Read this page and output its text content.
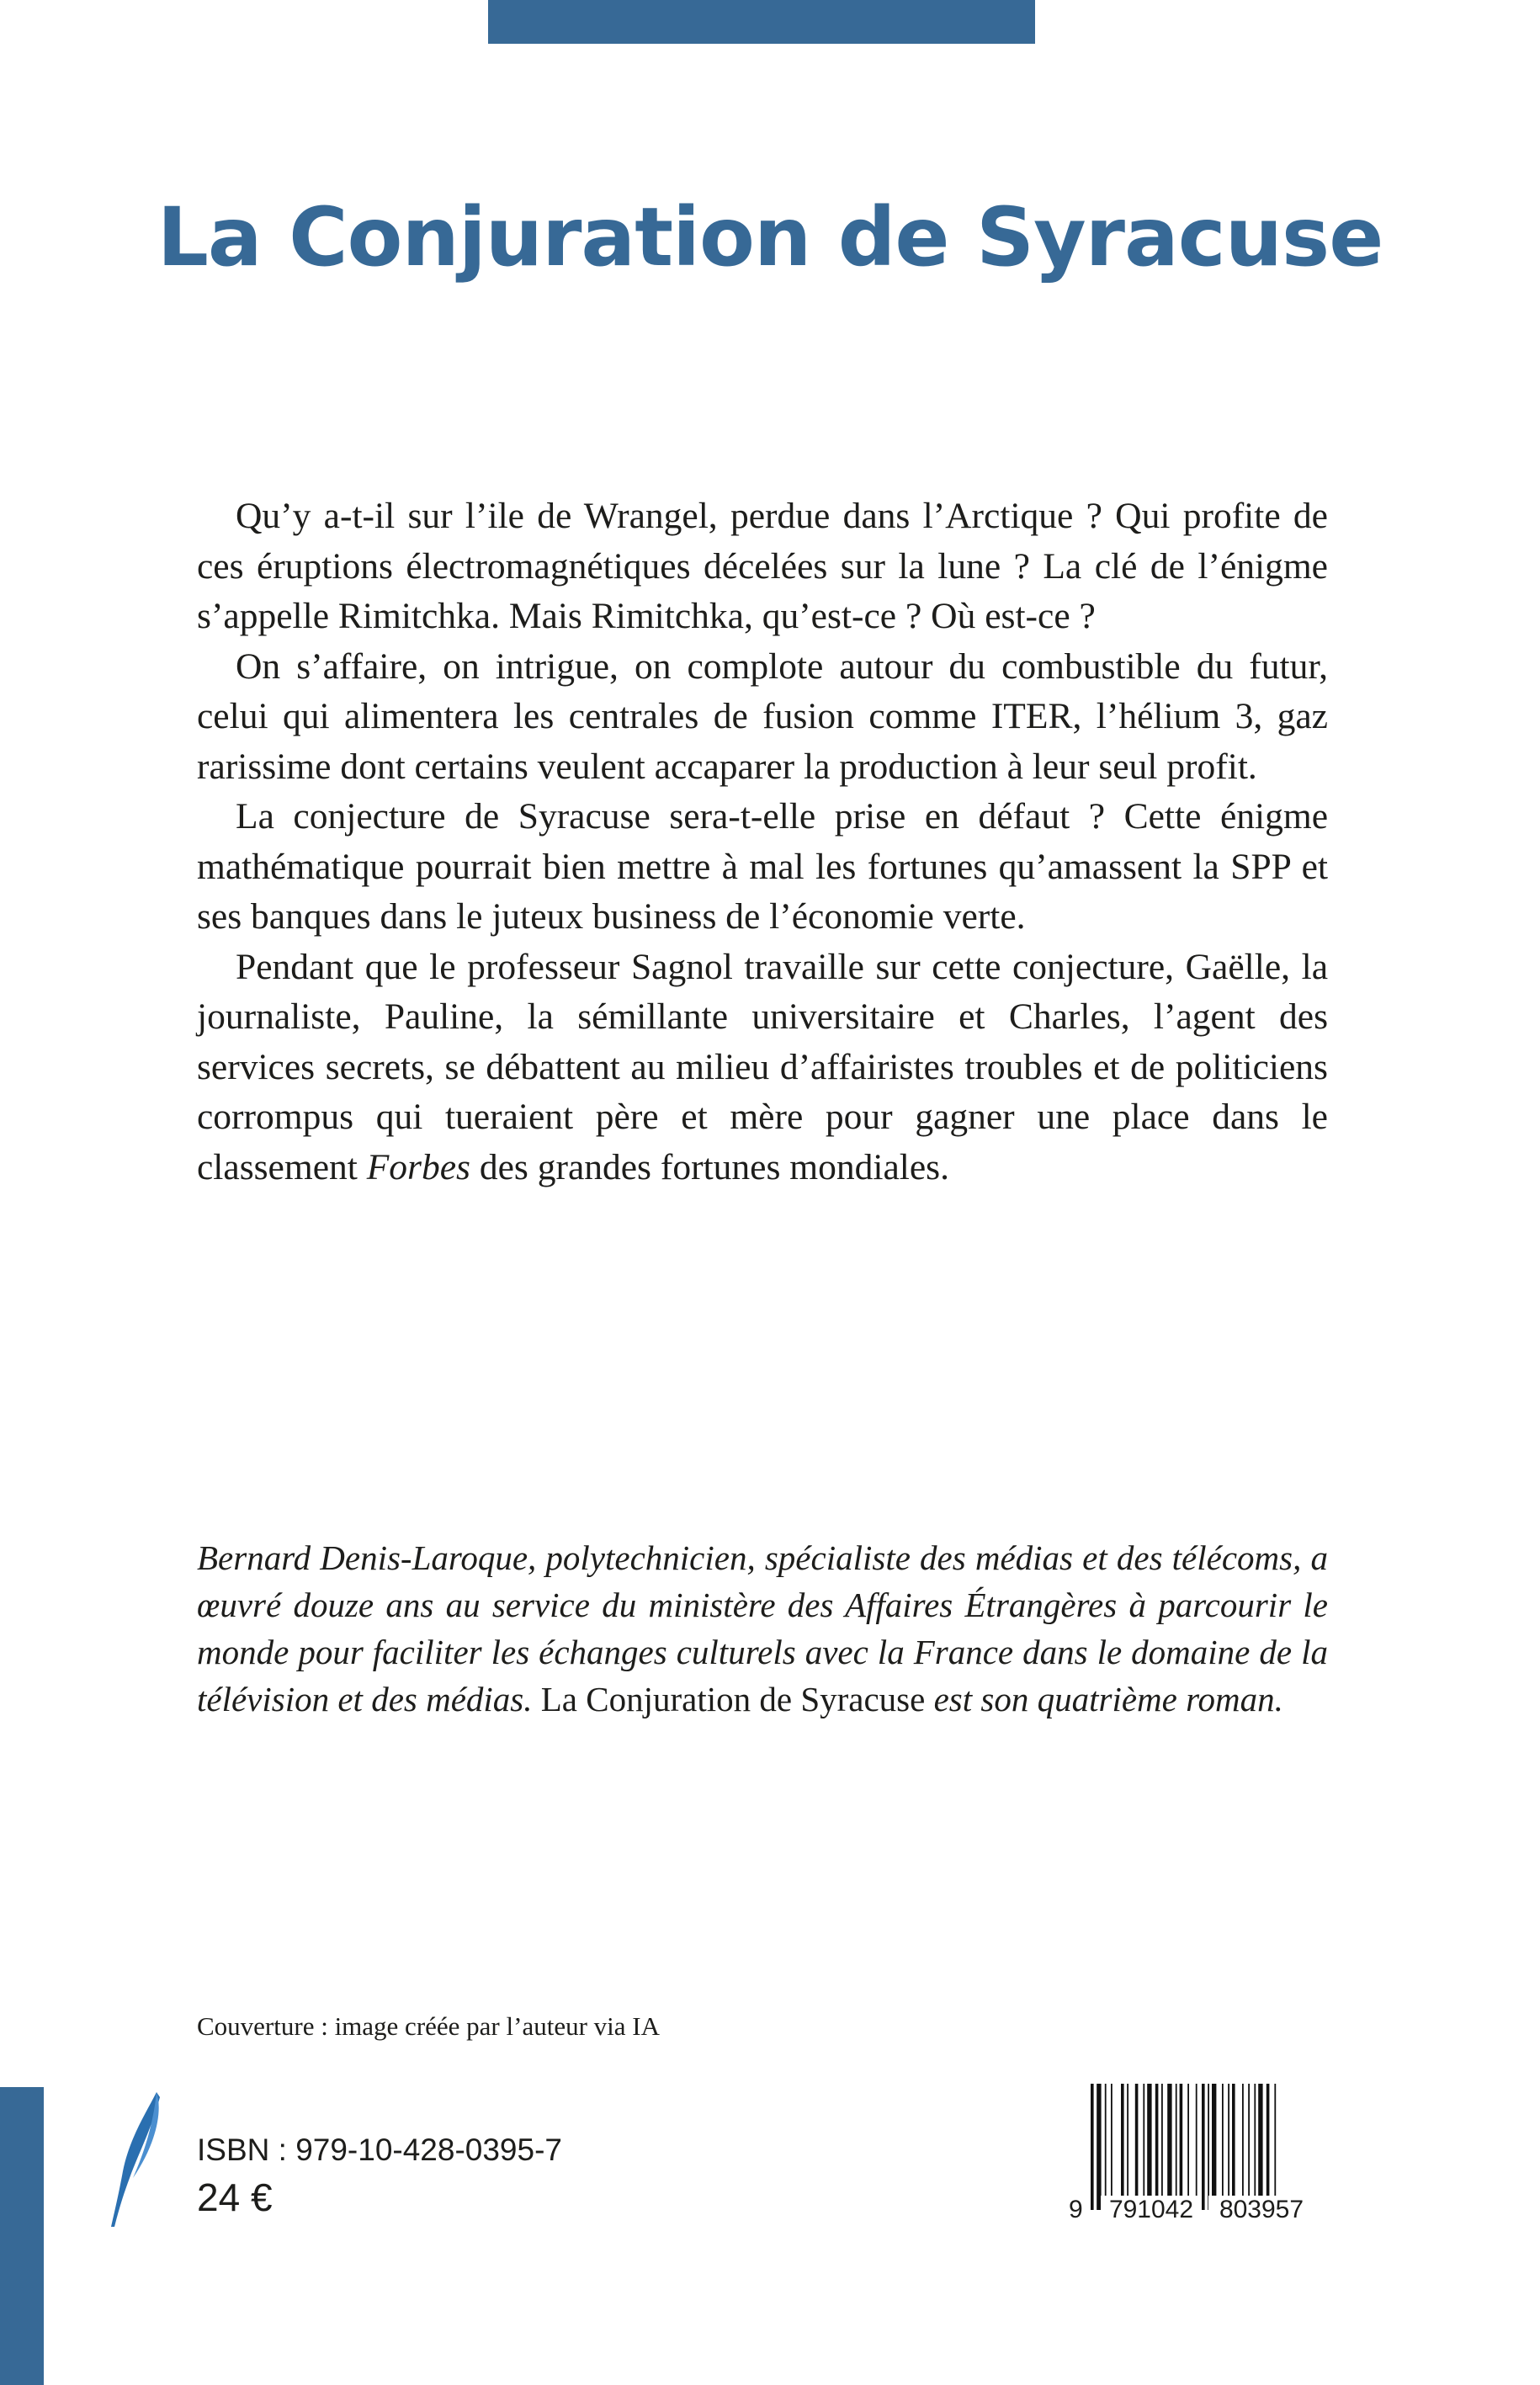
La Conjuration de Syracuse

Qu’y a-t-il sur l’ile de Wrangel, perdue dans l’Arctique ? Qui profite de ces éruptions électromagnétiques décelées sur la lune ? La clé de l’énigme s’appelle Rimitchka. Mais Rimitchka, qu’est-ce ? Où est-ce ?

On s’affaire, on intrigue, on complote autour du combustible du futur, celui qui alimentera les centrales de fusion comme ITER, l’hélium 3, gaz rarissime dont certains veulent accaparer la production à leur seul profit.

La conjecture de Syracuse sera-t-elle prise en défaut ? Cette énigme mathématique pourrait bien mettre à mal les fortunes qu’amassent la SPP et ses banques dans le juteux business de l’économie verte.

Pendant que le professeur Sagnol travaille sur cette conjecture, Gaëlle, la journaliste, Pauline, la sémillante universitaire et Charles, l’agent des services secrets, se débattent au milieu d’affairistes troubles et de politiciens corrompus qui tueraient père et mère pour gagner une place dans le classement Forbes des grandes fortunes mondiales.

Bernard Denis-Laroque, polytechnicien, spécialiste des médias et des télécoms, a œuvré douze ans au service du ministère des Affaires Étrangères à parcourir le monde pour faciliter les échanges culturels avec la France dans le domaine de la télévision et des médias. La Conjuration de Syracuse est son quatrième roman.
Couverture : image créée par l’auteur via IA
ISBN : 979-10-428-0395-7
24 €	9	791042	803957
